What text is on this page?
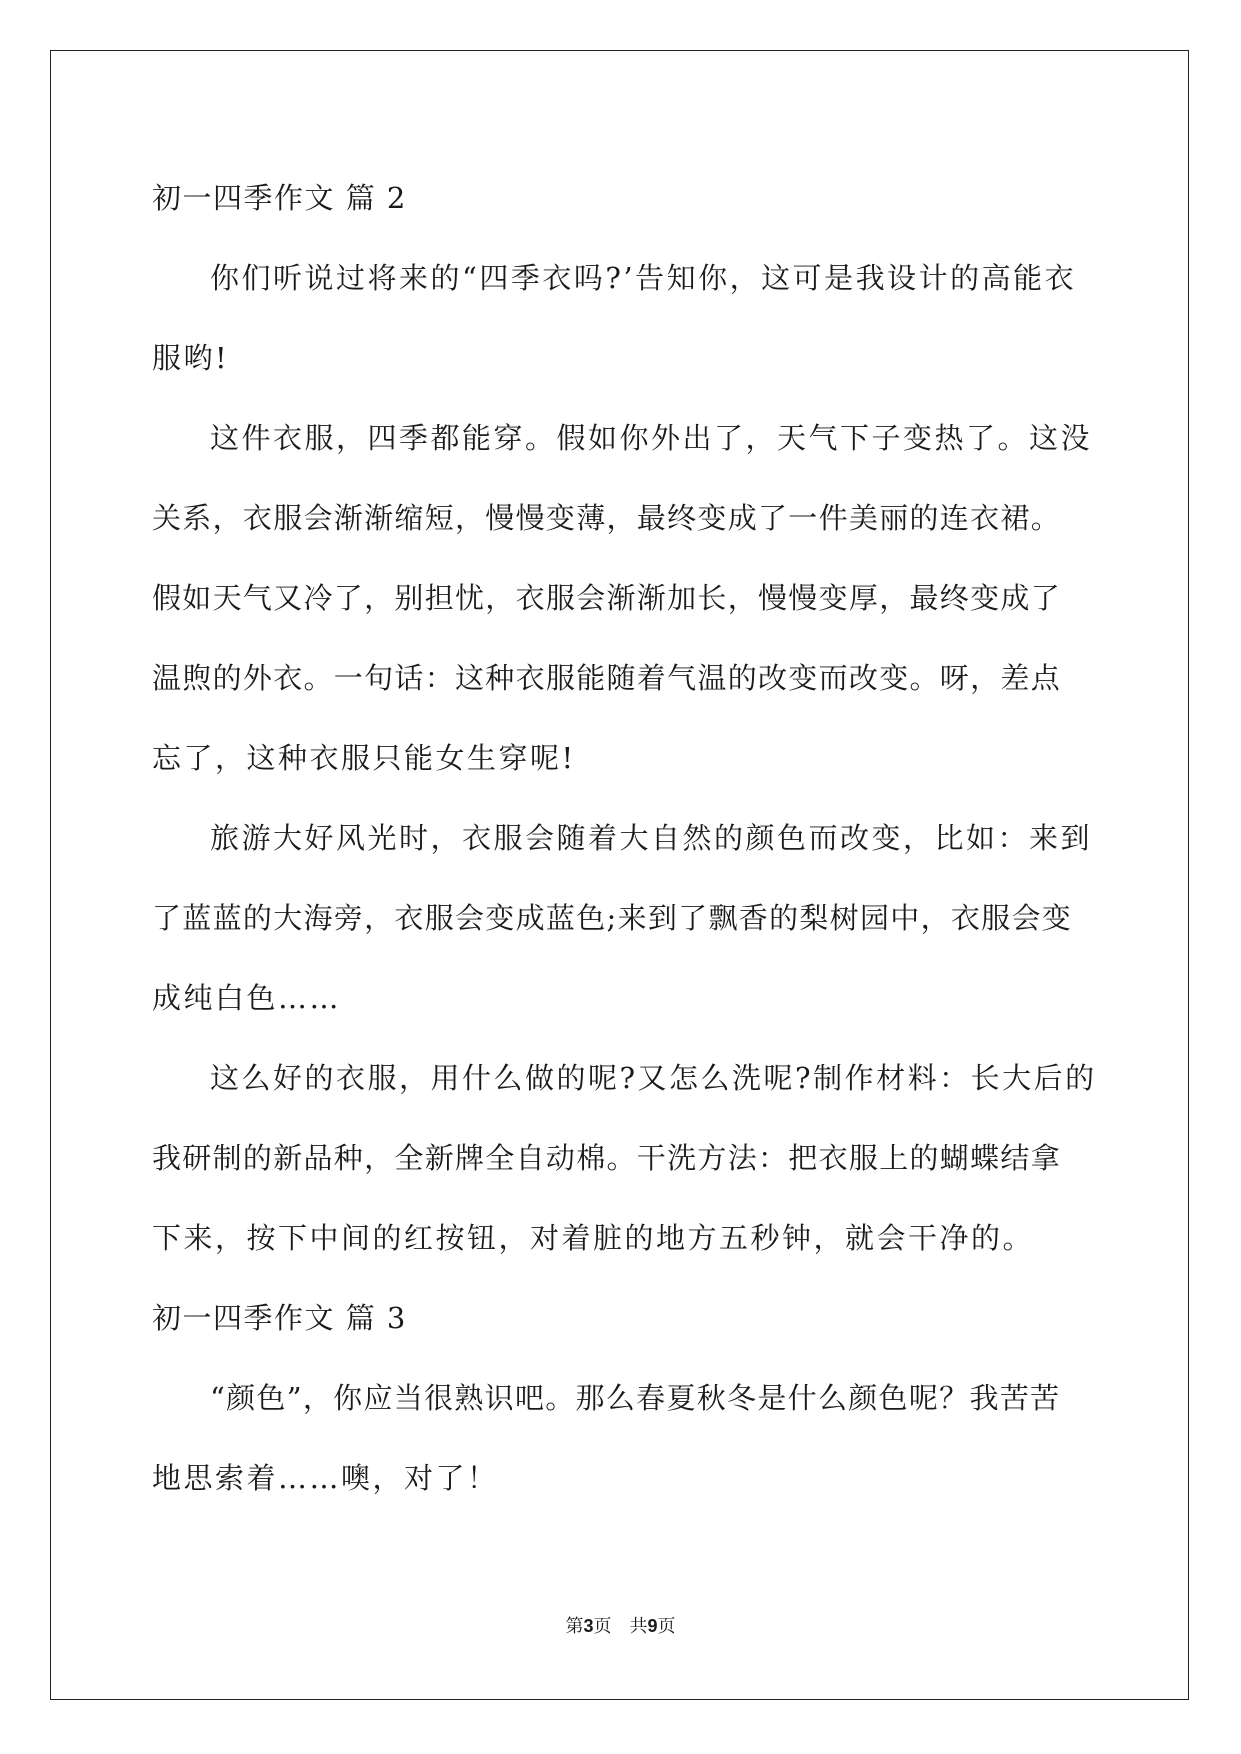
初一四季作文 篇 2
你们听说过将来的“四季衣吗?’告知你，这可是我设计的高能衣
服哟!
这件衣服，四季都能穿。假如你外出了，天气下子变热了。这没
关系，衣服会渐渐缩短，慢慢变薄，最终变成了一件美丽的连衣裙。
假如天气又冷了，别担忧，衣服会渐渐加长，慢慢变厚，最终变成了
温煦的外衣。一句话：这种衣服能随着气温的改变而改变。呀，差点
忘了，这种衣服只能女生穿呢!
旅游大好风光时，衣服会随着大自然的颜色而改变，比如：来到
了蓝蓝的大海旁，衣服会变成蓝色;来到了飘香的梨树园中，衣服会变
成纯白色……
这么好的衣服，用什么做的呢?又怎么洗呢?制作材料：长大后的
我研制的新品种，全新牌全自动棉。干洗方法：把衣服上的蝴蝶结拿
下来，按下中间的红按钮，对着脏的地方五秒钟，就会干净的。
初一四季作文 篇 3
“颜色”，你应当很熟识吧。那么春夏秋冬是什么颜色呢？我苦苦
地思索着……噢，对了！
第3页 共9页
